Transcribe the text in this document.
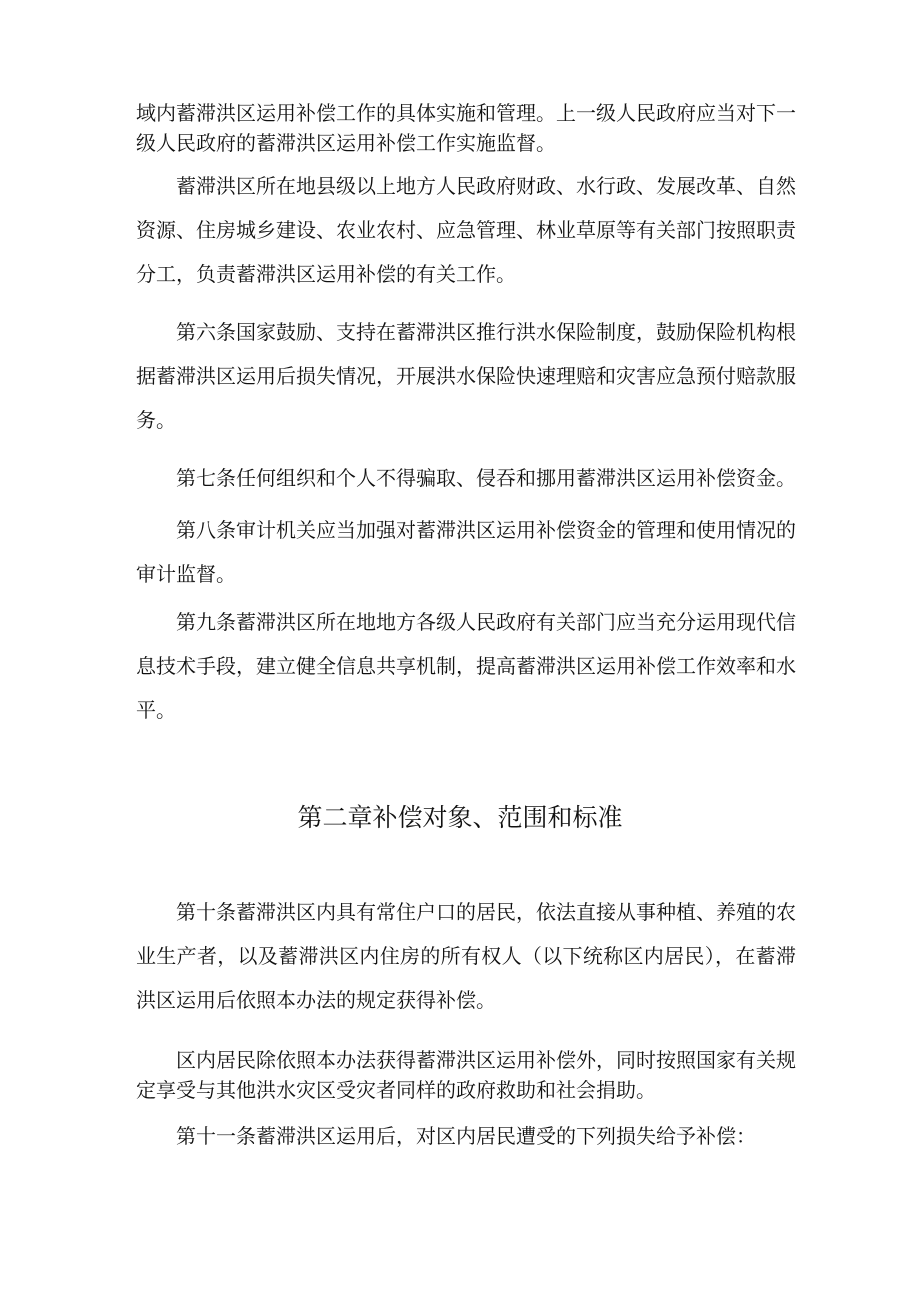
域内蓄滞洪区运用补偿工作的具体实施和管理。上一级人民政府应当对下一级人民政府的蓄滞洪区运用补偿工作实施监督。

蓄滞洪区所在地县级以上地方人民政府财政、水行政、发展改革、自然资源、住房城乡建设、农业农村、应急管理、林业草原等有关部门按照职责分工，负责蓄滞洪区运用补偿的有关工作。

第六条国家鼓励、支持在蓄滞洪区推行洪水保险制度，鼓励保险机构根据蓄滞洪区运用后损失情况，开展洪水保险快速理赔和灾害应急预付赔款服务。

第七条任何组织和个人不得骗取、侵吞和挪用蓄滞洪区运用补偿资金。

第八条审计机关应当加强对蓄滞洪区运用补偿资金的管理和使用情况的审计监督。

第九条蓄滞洪区所在地地方各级人民政府有关部门应当充分运用现代信息技术手段，建立健全信息共享机制，提高蓄滞洪区运用补偿工作效率和水平。

第二章补偿对象、范围和标准

第十条蓄滞洪区内具有常住户口的居民，依法直接从事种植、养殖的农业生产者，以及蓄滞洪区内住房的所有权人（以下统称区内居民），在蓄滞洪区运用后依照本办法的规定获得补偿。

区内居民除依照本办法获得蓄滞洪区运用补偿外，同时按照国家有关规定享受与其他洪水灾区受灾者同样的政府救助和社会捐助。

第十一条蓄滞洪区运用后，对区内居民遭受的下列损失给予补偿：
